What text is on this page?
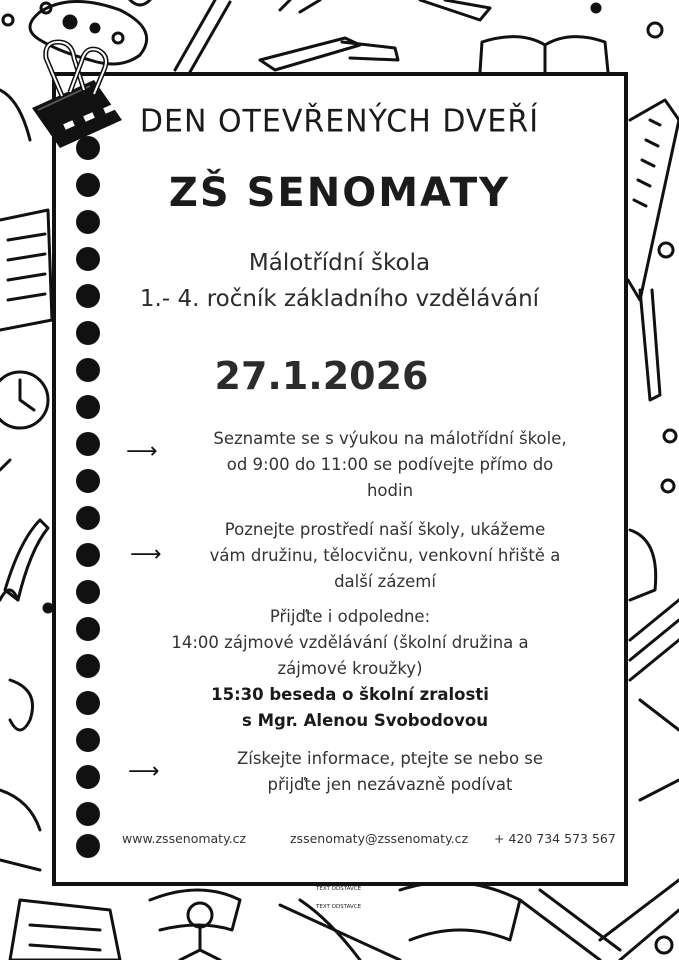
DEN OTEVŘENÝCH DVEŘÍ
ZŠ SENOMATY
Málotřídní škola
1.- 4. ročník základního vzdělávání
27.1.2026
⟶
Seznamte se s výukou na málotřídní škole,
od 9:00 do 11:00 se podívejte přímo do
hodin
⟶
Poznejte prostředí naší školy, ukážeme
vám družinu, tělocvičnu, venkovní hřiště a
další zázemí
Přijďte i odpoledne:
14:00 zájmové vzdělávání (školní družina a
zájmové kroužky)
15:30 beseda o školní zralosti
s Mgr. Alenou Svobodovou
⟶
Získejte informace, ptejte se nebo se
přijďte jen nezávazně podívat
www.zssenomaty.cz	zssenomaty@zssenomaty.cz + 420 734 573 567
TEXT ODSTAVCE
TEXT ODSTAVCE
